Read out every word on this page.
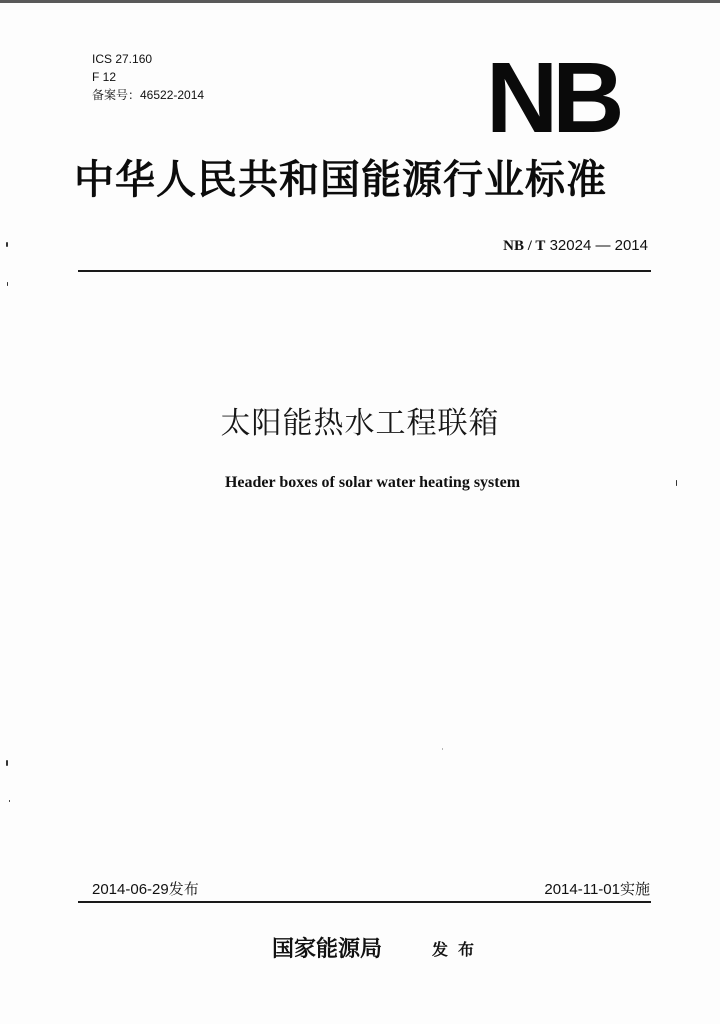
ICS 27.160
F 12
备案号：46522-2014	NB
中华人民共和国能源行业标准
NB / T 32024 — 2014
太阳能热水工程联箱
Header boxes of solar water heating system
2014-06-29发布	2014-11-01实施
国家能源局	发布
